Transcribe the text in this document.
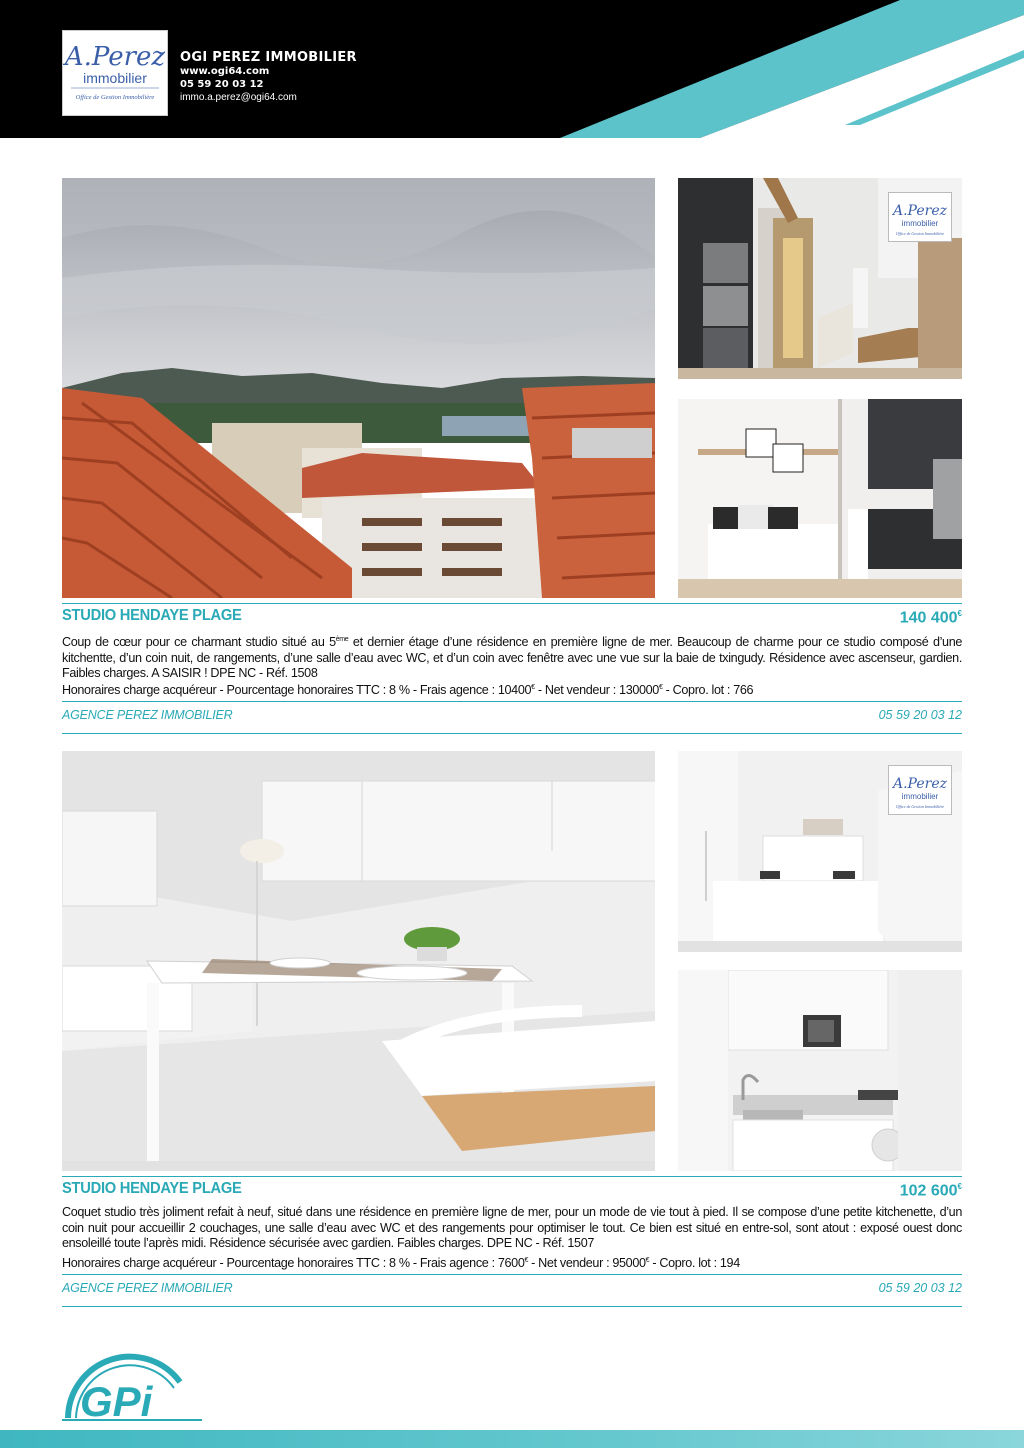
A.Perez
immobilier
Office de Gestion Immobilière
OGI PEREZ IMMOBILIER
www.ogi64.com
05 59 20 03 12
immo.a.perez@ogi64.com
A.Perez
immobilier
Office de Gestion Immobilière
STUDIO HENDAYE PLAGE	140 400€
Coup de cœur pour ce charmant studio situé au 5ème et dernier étage d’une résidence en première ligne de mer. Beaucoup de charme pour ce studio composé d’une kitchentte, d’un coin nuit, de rangements, d’une salle d’eau avec WC, et d’un coin avec fenêtre avec une vue sur la baie de txingudy. Résidence avec ascenseur, gardien. Faibles charges. A SAISIR ! DPE NC - Réf. 1508
Honoraires charge acquéreur - Pourcentage honoraires TTC : 8 % - Frais agence : 10400€ - Net vendeur : 130000€ - Copro. lot : 766
AGENCE PEREZ IMMOBILIER	05 59 20 03 12
A.Perez
immobilier
Office de Gestion Immobilière
STUDIO HENDAYE PLAGE	102 600€
Coquet studio très joliment refait à neuf, situé dans une résidence en première ligne de mer, pour un mode de vie tout à pied. Il se compose d’une petite kitchenette, d’un coin nuit pour accueillir 2 couchages, une salle d’eau avec WC et des rangements pour optimiser le tout. Ce bien est situé en entre-sol, sont atout : exposé ouest donc ensoleillé toute l’après midi. Résidence sécurisée avec gardien. Faibles charges. DPE NC - Réf. 1507
Honoraires charge acquéreur - Pourcentage honoraires TTC : 8 % - Frais agence : 7600€ - Net vendeur : 95000€ - Copro. lot : 194
AGENCE PEREZ IMMOBILIER	05 59 20 03 12
GPi
